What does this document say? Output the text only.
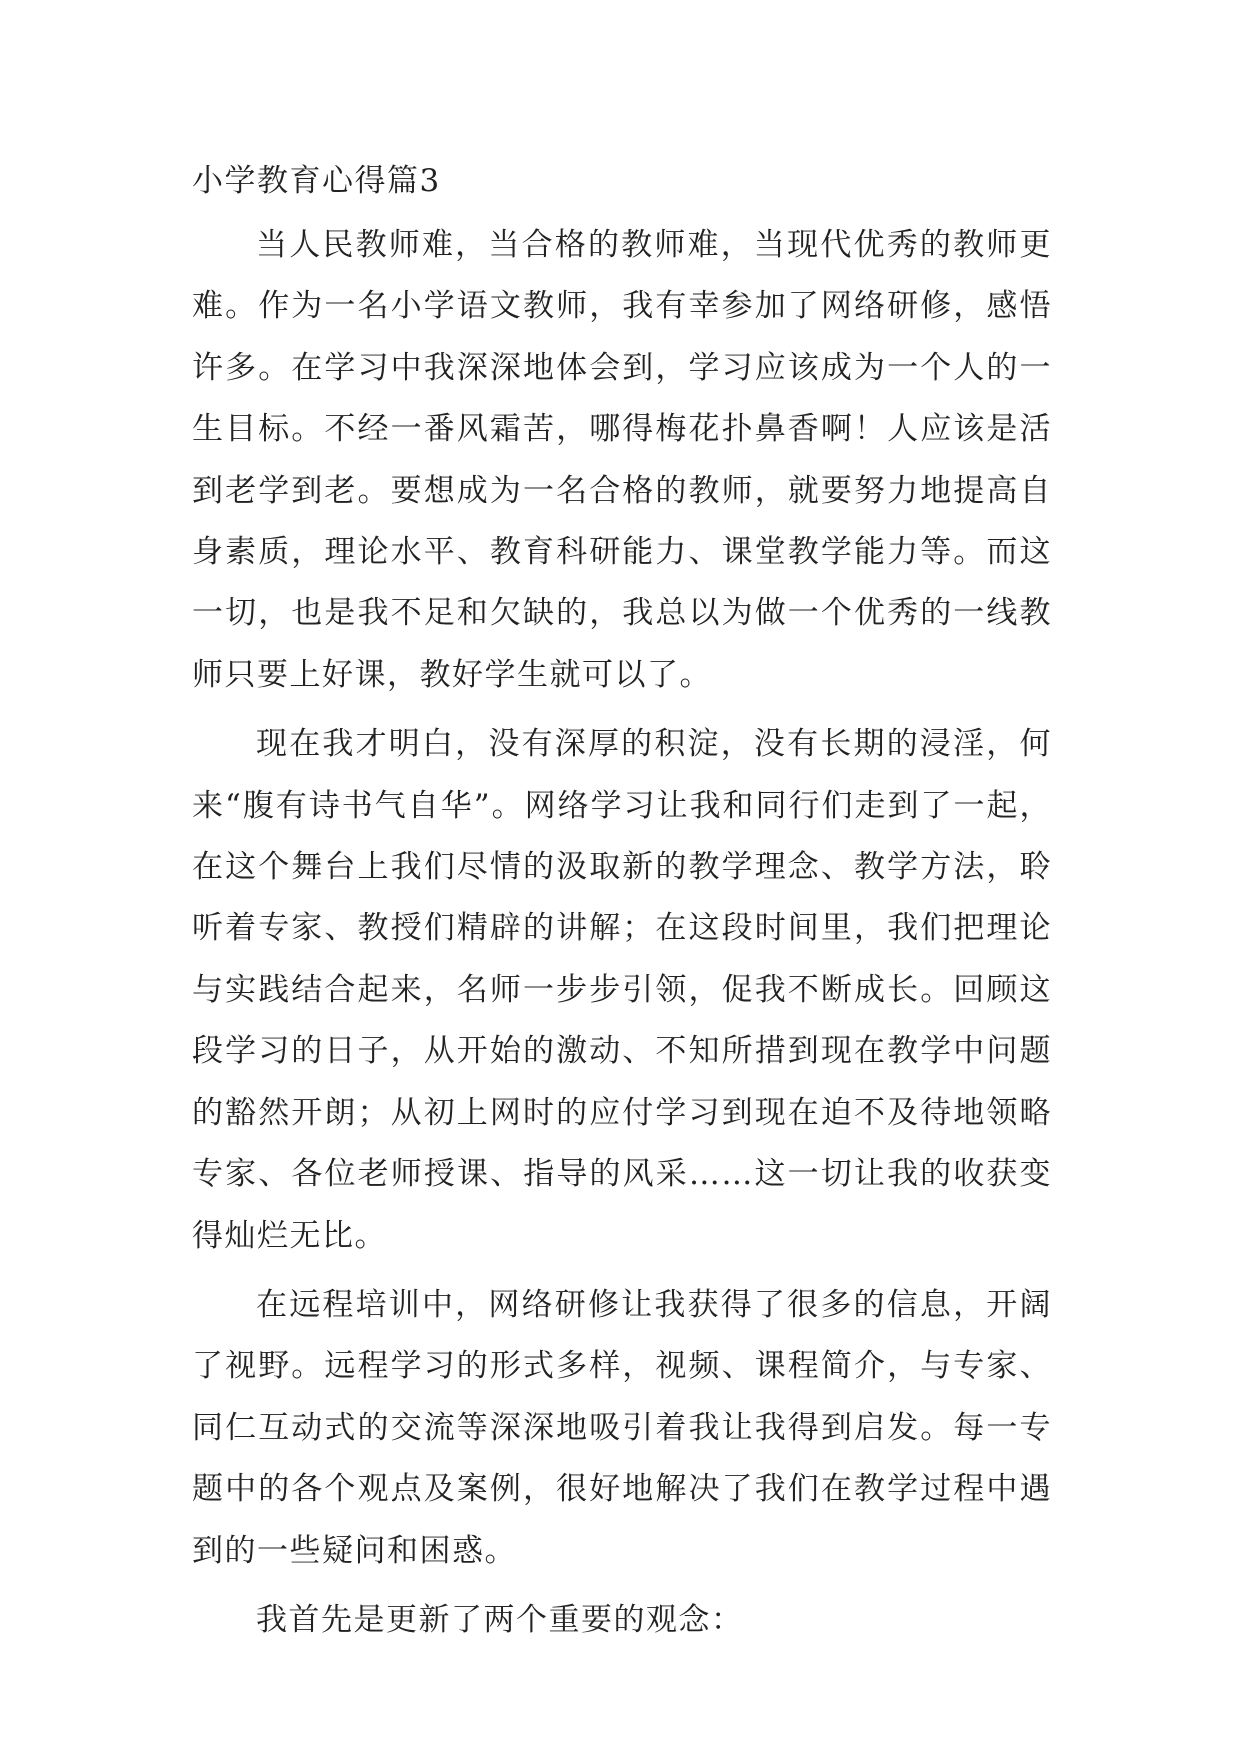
小学教育心得篇3

当人民教师难，当合格的教师难，当现代优秀的教师更难。作为一名小学语文教师，我有幸参加了网络研修，感悟许多。在学习中我深深地体会到，学习应该成为一个人的一生目标。不经一番风霜苦，哪得梅花扑鼻香啊！人应该是活到老学到老。要想成为一名合格的教师，就要努力地提高自身素质，理论水平、教育科研能力、课堂教学能力等。而这一切，也是我不足和欠缺的，我总以为做一个优秀的一线教师只要上好课，教好学生就可以了。

现在我才明白，没有深厚的积淀，没有长期的浸淫，何来“腹有诗书气自华”。网络学习让我和同行们走到了一起，在这个舞台上我们尽情的汲取新的教学理念、教学方法，聆听着专家、教授们精辟的讲解；在这段时间里，我们把理论与实践结合起来，名师一步步引领，促我不断成长。回顾这段学习的日子，从开始的激动、不知所措到现在教学中问题的豁然开朗；从初上网时的应付学习到现在迫不及待地领略专家、各位老师授课、指导的风采……这一切让我的收获变得灿烂无比。

在远程培训中，网络研修让我获得了很多的信息，开阔了视野。远程学习的形式多样，视频、课程简介，与专家、同仁互动式的交流等深深地吸引着我让我得到启发。每一专题中的各个观点及案例，很好地解决了我们在教学过程中遇到的一些疑问和困惑。

我首先是更新了两个重要的观念：
